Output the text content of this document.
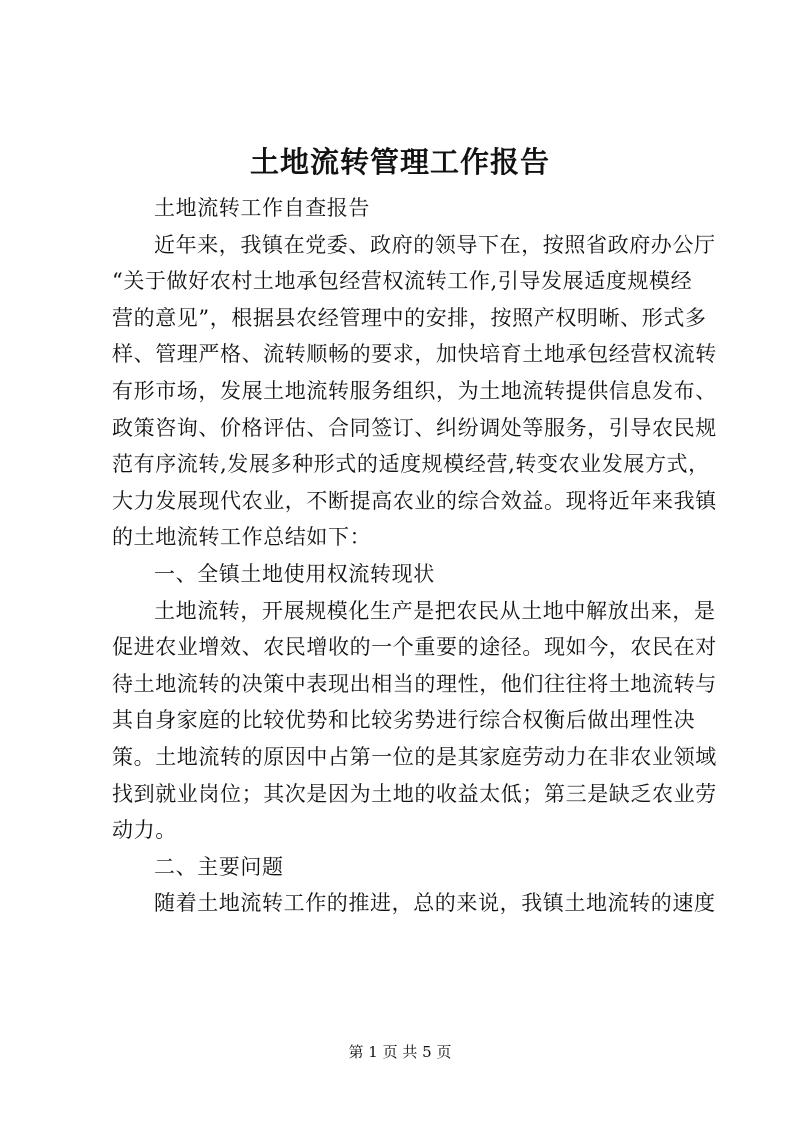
土地流转管理工作报告
土地流转工作自查报告
近年来，我镇在党委、政府的领导下在，按照省政府办公厅
“关于做好农村土地承包经营权流转工作,引导发展适度规模经
营的意见”，根据县农经管理中的安排，按照产权明晰、形式多
样、管理严格、流转顺畅的要求，加快培育土地承包经营权流转
有形市场，发展土地流转服务组织，为土地流转提供信息发布、
政策咨询、价格评估、合同签订、纠纷调处等服务，引导农民规
范有序流转,发展多种形式的适度规模经营,转变农业发展方式，
大力发展现代农业，不断提高农业的综合效益。现将近年来我镇
的土地流转工作总结如下：
一、全镇土地使用权流转现状
土地流转，开展规模化生产是把农民从土地中解放出来，是
促进农业增效、农民增收的一个重要的途径。现如今，农民在对
待土地流转的决策中表现出相当的理性，他们往往将土地流转与
其自身家庭的比较优势和比较劣势进行综合权衡后做出理性决
策。土地流转的原因中占第一位的是其家庭劳动力在非农业领域
找到就业岗位；其次是因为土地的收益太低；第三是缺乏农业劳
动力。
二、主要问题
随着土地流转工作的推进，总的来说，我镇土地流转的速度
第 1 页 共 5 页
